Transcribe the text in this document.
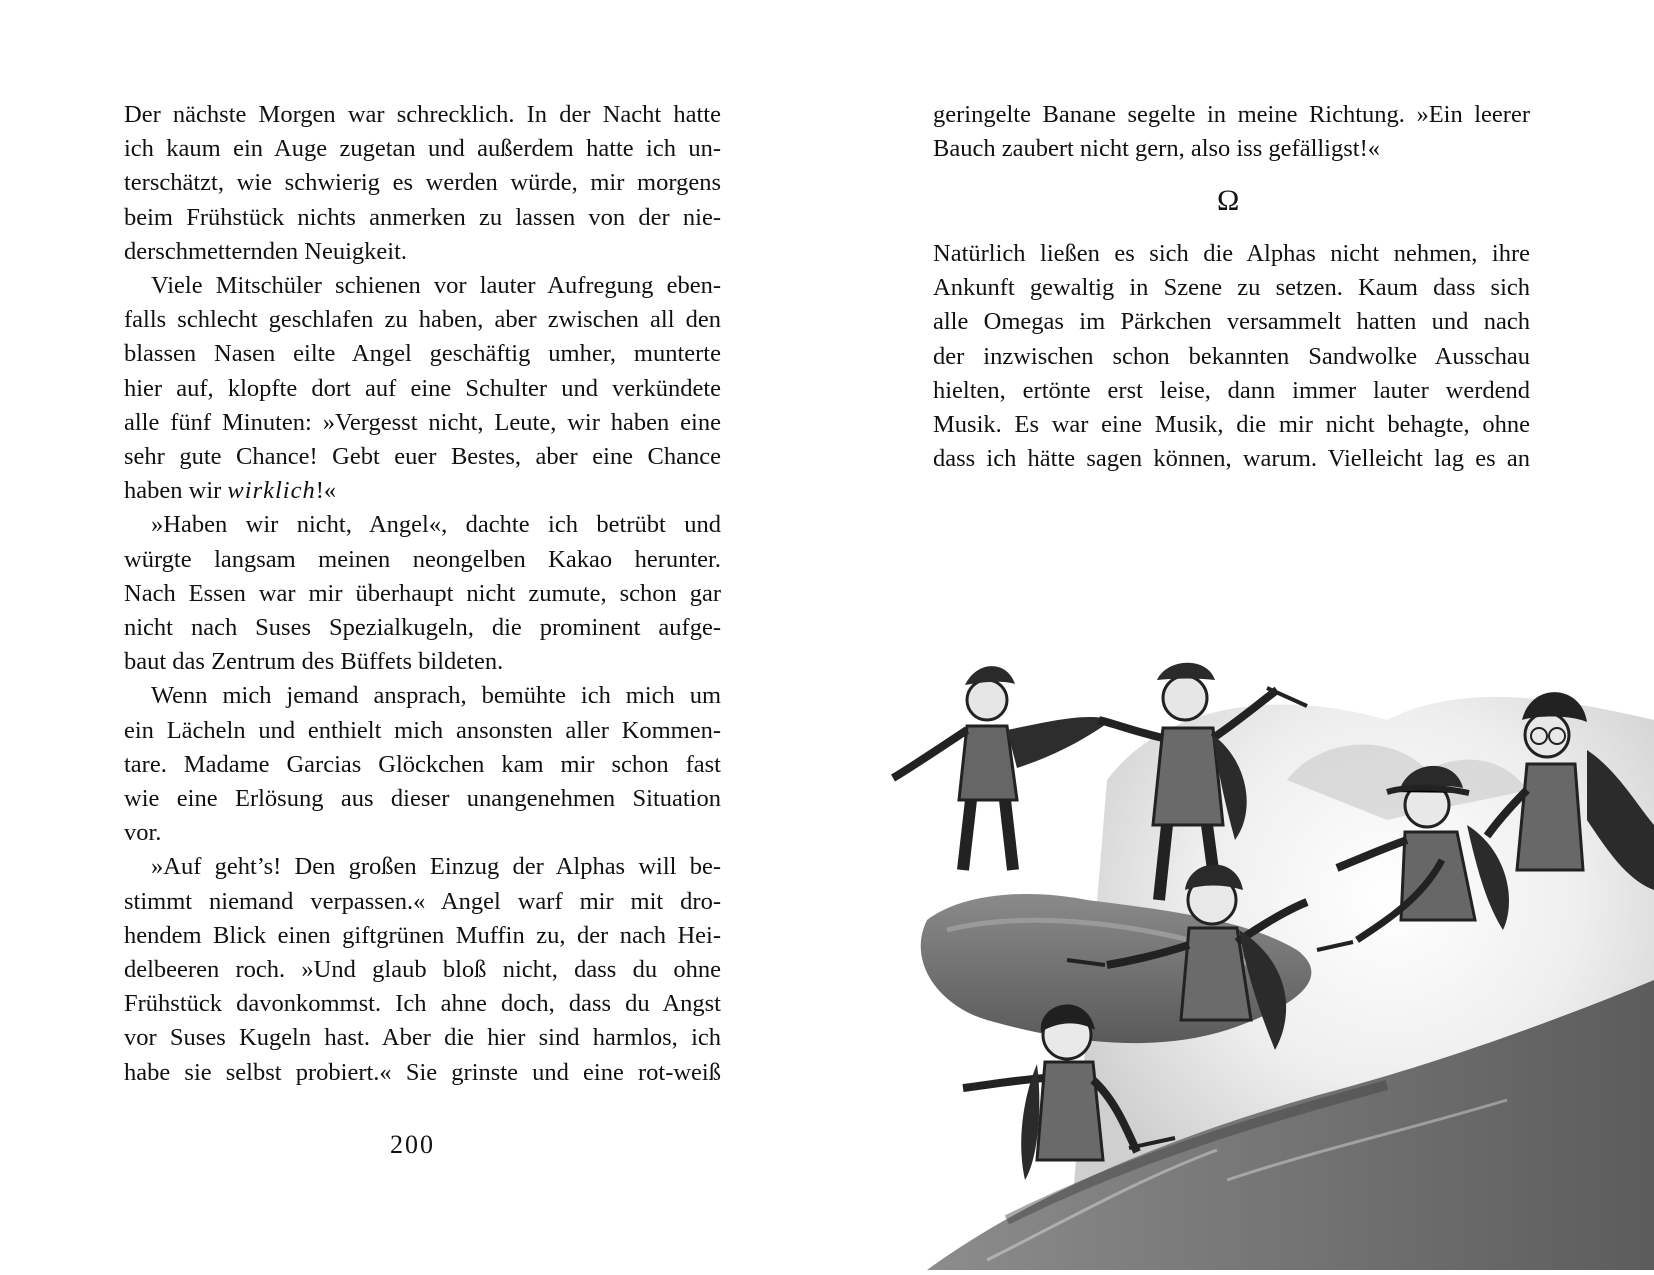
Der nächste Morgen war schrecklich. In der Nacht hatte
ich kaum ein Auge zugetan und außerdem hatte ich un-
terschätzt, wie schwierig es werden würde, mir morgens
beim Frühstück nichts anmerken zu lassen von der nie-
derschmetternden Neuigkeit.
Viele Mitschüler schienen vor lauter Aufregung eben-
falls schlecht geschlafen zu haben, aber zwischen all den
blassen Nasen eilte Angel geschäftig umher, munterte
hier auf, klopfte dort auf eine Schulter und verkündete
alle fünf Minuten: »Vergesst nicht, Leute, wir haben eine
sehr gute Chance! Gebt euer Bestes, aber eine Chance
haben wir wirklich!«
»Haben wir nicht, Angel«, dachte ich betrübt und
würgte langsam meinen neongelben Kakao herunter.
Nach Essen war mir überhaupt nicht zumute, schon gar
nicht nach Suses Spezialkugeln, die prominent aufge-
baut das Zentrum des Büffets bildeten.
Wenn mich jemand ansprach, bemühte ich mich um
ein Lächeln und enthielt mich ansonsten aller Kommen-
tare. Madame Garcias Glöckchen kam mir schon fast
wie eine Erlösung aus dieser unangenehmen Situation
vor.
»Auf geht’s! Den großen Einzug der Alphas will be-
stimmt niemand verpassen.« Angel warf mir mit dro-
hendem Blick einen giftgrünen Muffin zu, der nach Hei-
delbeeren roch. »Und glaub bloß nicht, dass du ohne
Frühstück davonkommst. Ich ahne doch, dass du Angst
vor Suses Kugeln hast. Aber die hier sind harmlos, ich
habe sie selbst probiert.« Sie grinste und eine rot-weiß
200
geringelte Banane segelte in meine Richtung. »Ein leerer
Bauch zaubert nicht gern, also iss gefälligst!«
Ω
Natürlich ließen es sich die Alphas nicht nehmen, ihre
Ankunft gewaltig in Szene zu setzen. Kaum dass sich
alle Omegas im Pärkchen versammelt hatten und nach
der inzwischen schon bekannten Sandwolke Ausschau
hielten, ertönte erst leise, dann immer lauter werdend
Musik. Es war eine Musik, die mir nicht behagte, ohne
dass ich hätte sagen können, warum. Vielleicht lag es an
